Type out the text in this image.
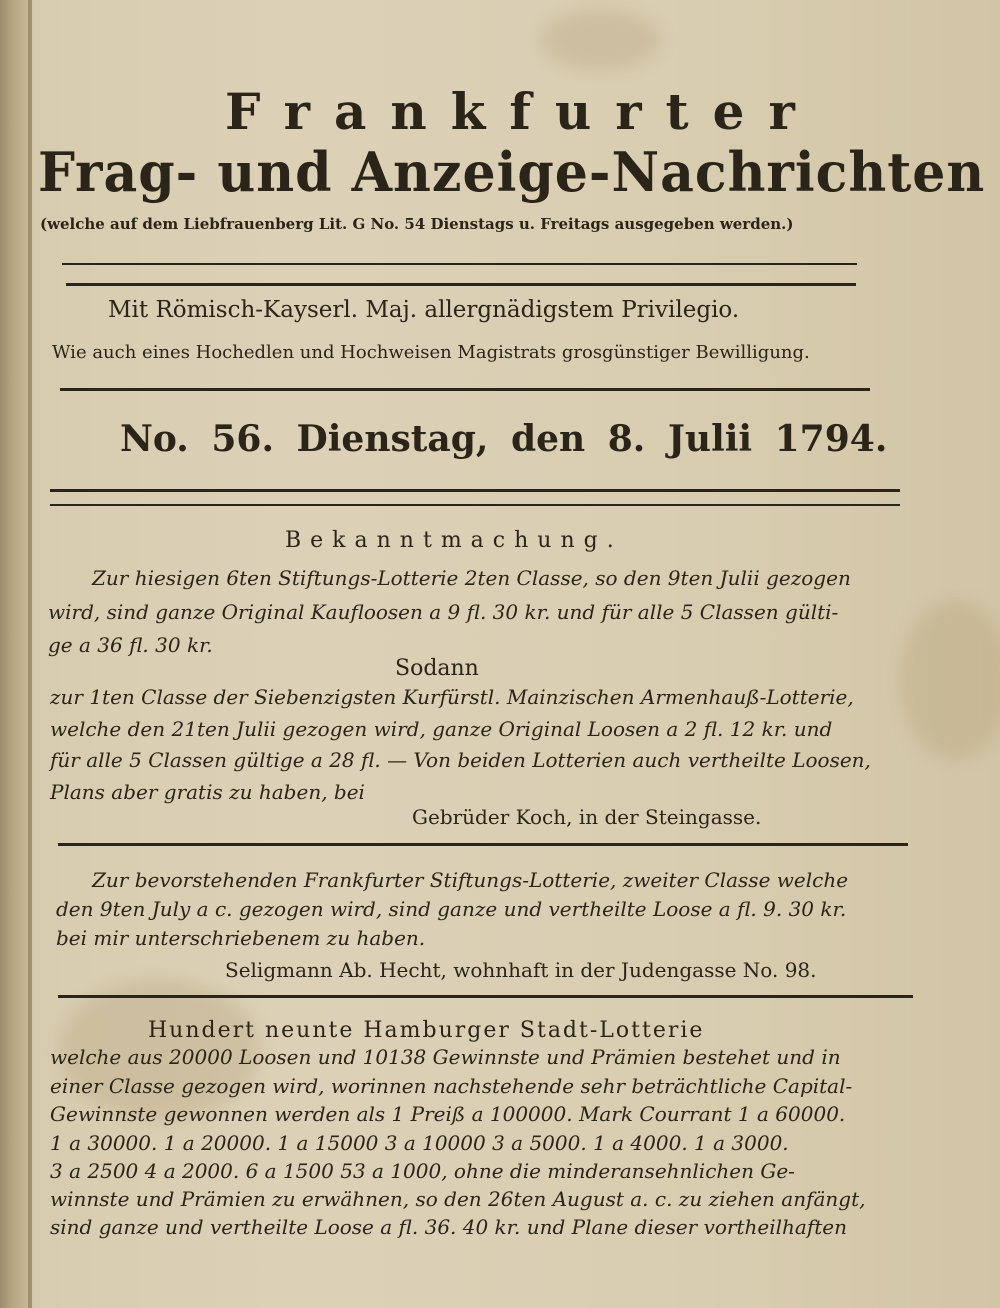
Frankfurter
Frag- und Anzeige-Nachrichten
(welche auf dem Liebfrauenberg Lit. G No. 54 Dienstags u. Freitags ausgegeben werden.)
Mit Römisch-Kayserl. Maj. allergnädigstem Privilegio.
Wie auch eines Hochedlen und Hochweisen Magistrats grosgünstiger Bewilligung.
No. 56. Dienstag, den 8. Julii 1794.
Bekanntmachung.
Zur hiesigen 6ten Stiftungs-Lotterie 2ten Classe, so den 9ten Julii gezogen
wird, sind ganze Original Kaufloosen a 9 fl. 30 kr. und für alle 5 Classen gülti-
ge a 36 fl. 30 kr.
Sodann
zur 1ten Classe der Siebenzigsten Kurfürstl. Mainzischen Armenhauß-Lotterie,
welche den 21ten Julii gezogen wird, ganze Original Loosen a 2 fl. 12 kr. und
für alle 5 Classen gültige a 28 fl. — Von beiden Lotterien auch vertheilte Loosen,
Plans aber gratis zu haben, bei
Gebrüder Koch, in der Steingasse.
Zur bevorstehenden Frankfurter Stiftungs-Lotterie, zweiter Classe welche
den 9ten July a c. gezogen wird, sind ganze und vertheilte Loose a fl. 9. 30 kr.
bei mir unterschriebenem zu haben.
Seligmann Ab. Hecht, wohnhaft in der Judengasse No. 98.
Hundert neunte Hamburger Stadt-Lotterie
welche aus 20000 Loosen und 10138 Gewinnste und Prämien bestehet und in
einer Classe gezogen wird, worinnen nachstehende sehr beträchtliche Capital-
Gewinnste gewonnen werden als 1 Preiß a 100000. Mark Courrant 1 a 60000.
1 a 30000. 1 a 20000. 1 a 15000 3 a 10000 3 a 5000. 1 a 4000. 1 a 3000.
3 a 2500 4 a 2000. 6 a 1500 53 a 1000, ohne die minderansehnlichen Ge-
winnste und Prämien zu erwähnen, so den 26ten August a. c. zu ziehen anfängt,
sind ganze und vertheilte Loose a fl. 36. 40 kr. und Plane dieser vortheilhaften
